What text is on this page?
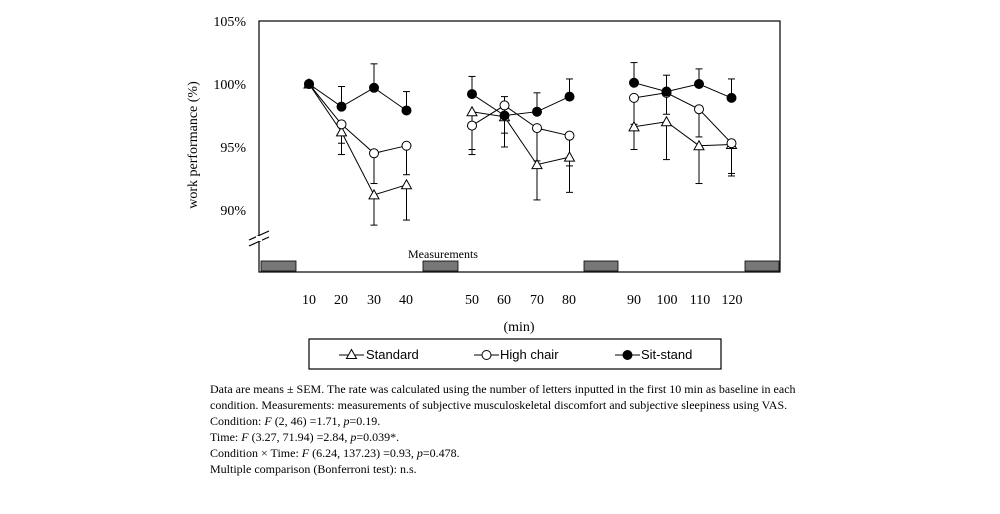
105%
100%
95%
90%
work performance (%)
Measurements
10 20 30 40	50 60 70 80	90 100 110 120
(min)
Standard	High chair	Sit-stand

Data are means ± SEM. The rate was calculated using the number of letters inputted in the first 10 min as baseline in each condition. Measurements: measurements of subjective musculoskeletal discomfort and subjective sleepiness using VAS.

Condition: F (2, 46) =1.71, p=0.19.

Time: F (3.27, 71.94) =2.84, p=0.039*.

Condition × Time: F (6.24, 137.23) =0.93, p=0.478.

Multiple comparison (Bonferroni test): n.s.
